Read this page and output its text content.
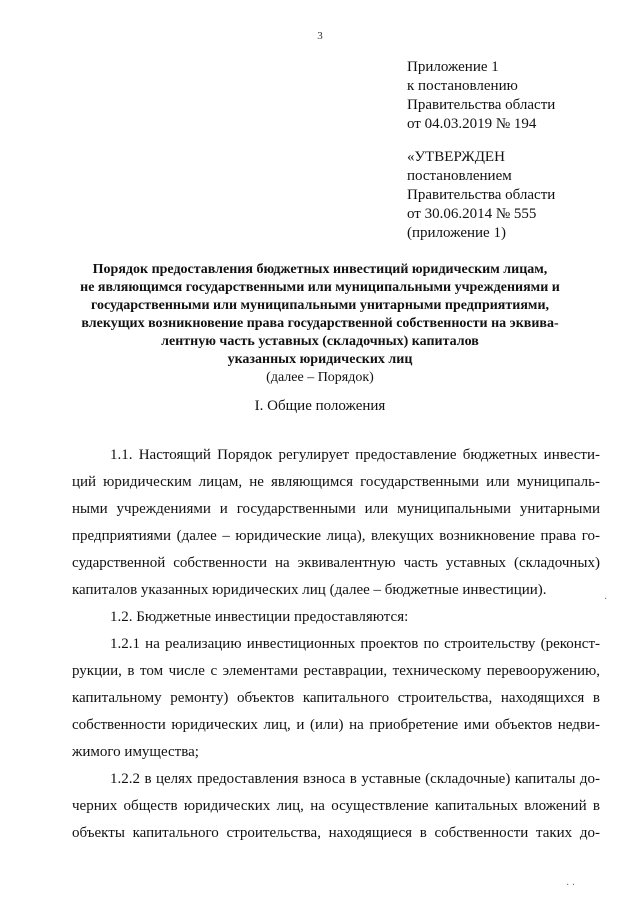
3
Приложение 1
к постановлению
Правительства области
от 04.03.2019 № 194
«УТВЕРЖДЕН
постановлением
Правительства области
от 30.06.2014 № 555
(приложение 1)
Порядок предоставления бюджетных инвестиций юридическим лицам,
не являющимся государственными или муниципальными учреждениями и
государственными или муниципальными унитарными предприятиями,
влекущих возникновение права государственной собственности на эквива-
лентную часть уставных (складочных) капиталов
указанных юридических лиц
(далее – Порядок)
I. Общие положения
1.1. Настоящий Порядок регулирует предоставление бюджетных инвести-
ций юридическим лицам, не являющимся государственными или муниципаль-
ными учреждениями и государственными или муниципальными унитарными
предприятиями (далее – юридические лица), влекущих возникновение права го-
сударственной собственности на эквивалентную часть уставных (складочных)
капиталов указанных юридических лиц (далее – бюджетные инвестиции).
1.2. Бюджетные инвестиции предоставляются:
1.2.1 на реализацию инвестиционных проектов по строительству (реконст-
рукции, в том числе с элементами реставрации, техническому перевооружению,
капитальному ремонту) объектов капитального строительства, находящихся в
собственности юридических лиц, и (или) на приобретение ими объектов недви-
жимого имущества;
1.2.2 в целях предоставления взноса в уставные (складочные) капиталы до-
черних обществ юридических лиц, на осуществление капитальных вложений в
объекты капитального строительства, находящиеся в собственности таких до-
·
· ·
